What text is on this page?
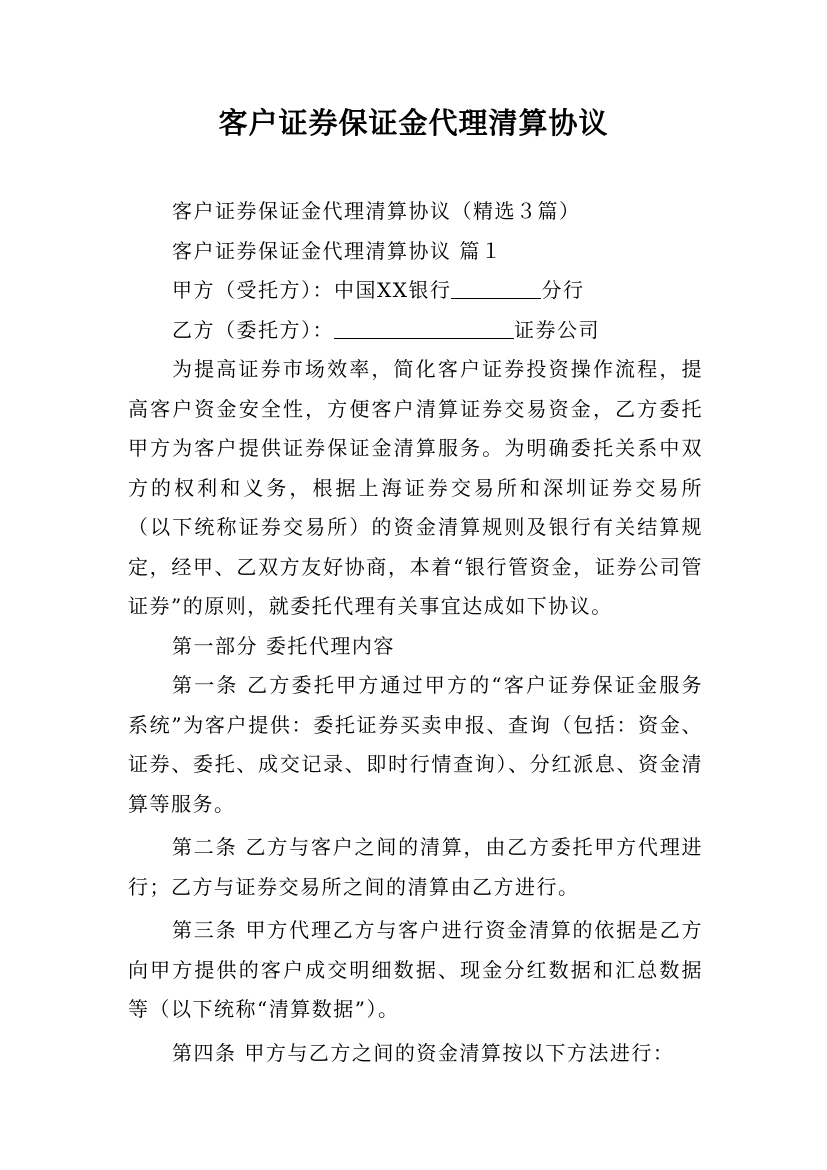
客户证券保证金代理清算协议

客户证券保证金代理清算协议（精选３篇）

客户证券保证金代理清算协议 篇１

甲方（受托方）：中国XX银行	分行

乙方（委托方）：	证券公司

为提高证券市场效率，简化客户证券投资操作流程，提高客户资金安全性，方便客户清算证券交易资金，乙方委托甲方为客户提供证券保证金清算服务。为明确委托关系中双方的权利和义务，根据上海证券交易所和深圳证券交易所（以下统称证券交易所）的资金清算规则及银行有关结算规定，经甲、乙双方友好协商，本着“银行管资金，证券公司管证券”的原则，就委托代理有关事宜达成如下协议。

第一部分 委托代理内容

第一条 乙方委托甲方通过甲方的“客户证券保证金服务系统”为客户提供：委托证券买卖申报、查询（包括：资金、证券、委托、成交记录、即时行情查询）、分红派息、资金清算等服务。

第二条 乙方与客户之间的清算，由乙方委托甲方代理进行；乙方与证券交易所之间的清算由乙方进行。

第三条 甲方代理乙方与客户进行资金清算的依据是乙方向甲方提供的客户成交明细数据、现金分红数据和汇总数据等（以下统称“清算数据”）。

第四条 甲方与乙方之间的资金清算按以下方法进行：
